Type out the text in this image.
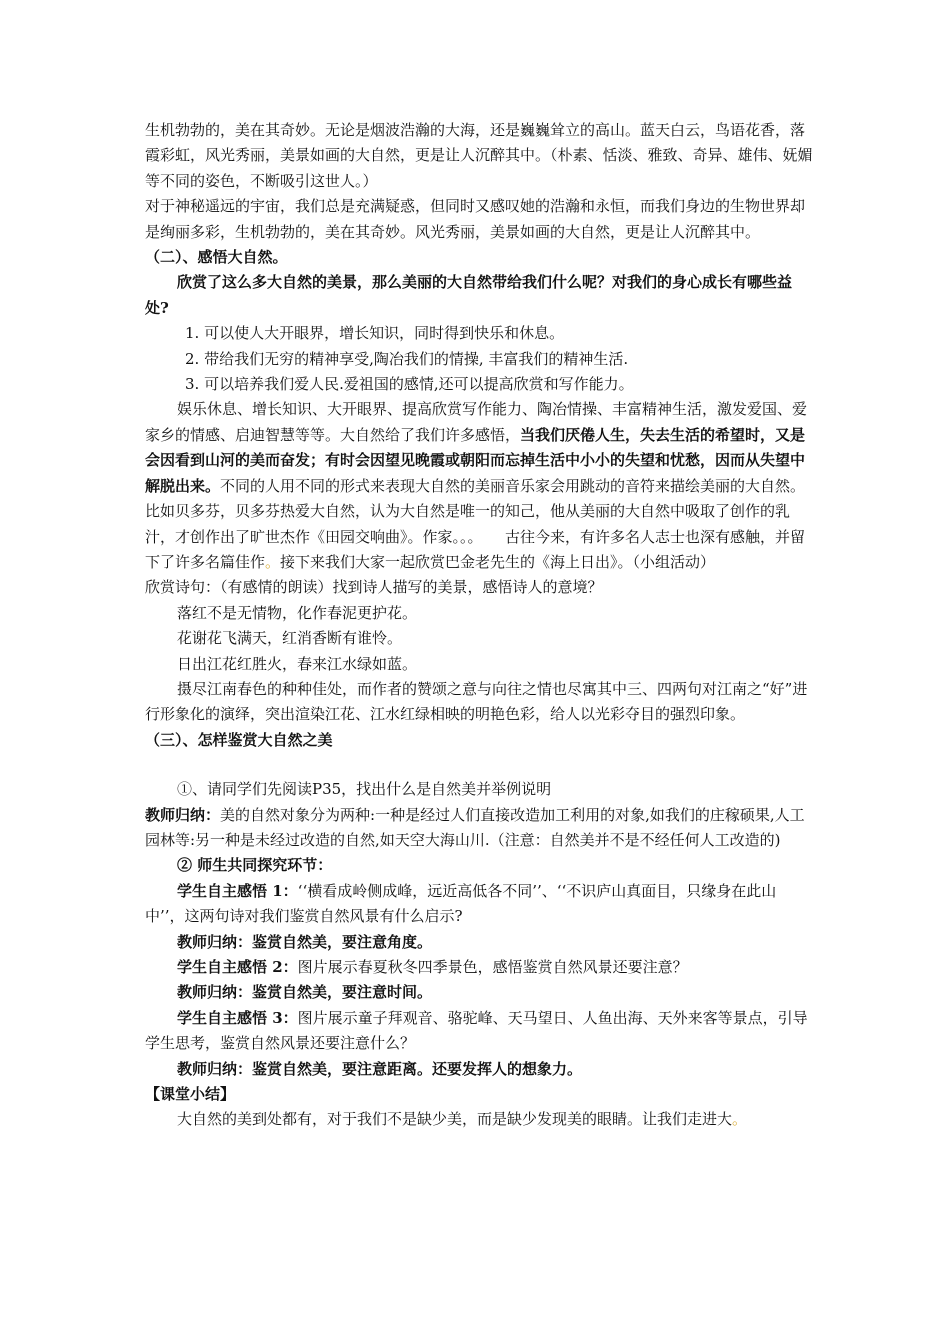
生机勃勃的，美在其奇妙。无论是烟波浩瀚的大海，还是巍巍耸立的高山。蓝天白云，鸟语花香，落霞彩虹，风光秀丽，美景如画的大自然，更是让人沉醉其中。（朴素、恬淡、雅致、奇异、雄伟、妩媚等不同的姿色，不断吸引这世人。）

对于神秘遥远的宇宙，我们总是充满疑惑，但同时又感叹她的浩瀚和永恒，而我们身边的生物世界却是绚丽多彩，生机勃勃的，美在其奇妙。风光秀丽，美景如画的大自然，更是让人沉醉其中。

（二）、感悟大自然。

欣赏了这么多大自然的美景，那么美丽的大自然带给我们什么呢？对我们的身心成长有哪些益处?

1. 可以使人大开眼界，增长知识，同时得到快乐和休息。

2. 带给我们无穷的精神享受,陶冶我们的情操, 丰富我们的精神生活.

3. 可以培养我们爱人民.爱祖国的感情,还可以提高欣赏和写作能力。

娱乐休息、增长知识、大开眼界、提高欣赏写作能力、陶冶情操、丰富精神生活，激发爱国、爱家乡的情感、启迪智慧等等。大自然给了我们许多感悟，当我们厌倦人生，失去生活的希望时，又是会因看到山河的美而奋发；有时会因望见晚霞或朝阳而忘掉生活中小小的失望和忧愁，因而从失望中解脱出来。不同的人用不同的形式来表现大自然的美丽音乐家会用跳动的音符来描绘美丽的大自然。比如贝多芬，贝多芬热爱大自然，认为大自然是唯一的知己，他从美丽的大自然中吸取了创作的乳汁，才创作出了旷世杰作《田园交响曲》。作家。。。　　古往今来，有许多名人志士也深有感触，并留下了许多名篇佳作。接下来我们大家一起欣赏巴金老先生的《海上日出》。（小组活动）

欣赏诗句：（有感情的朗读）找到诗人描写的美景，感悟诗人的意境？

落红不是无情物，化作春泥更护花。

花谢花飞满天，红消香断有谁怜。

日出江花红胜火，春来江水绿如蓝。

摄尽江南春色的种种佳处，而作者的赞颂之意与向往之情也尽寓其中三、四两句对江南之“好”进行形象化的演绎，突出渲染江花、江水红绿相映的明艳色彩，给人以光彩夺目的强烈印象。

（三）、怎样鉴赏大自然之美

①、请同学们先阅读P35，找出什么是自然美并举例说明

教师归纳：美的自然对象分为两种:一种是经过人们直接改造加工利用的对象,如我们的庄稼硕果,人工园林等:另一种是未经过改造的自然,如天空大海山川.（注意：自然美并不是不经任何人工改造的)

② 师生共同探究环节：

学生自主感悟 1：‘‘横看成岭侧成峰，远近高低各不同’’、‘‘不识庐山真面目，只缘身在此山中’’，这两句诗对我们鉴赏自然风景有什么启示?

教师归纳：鉴赏自然美，要注意角度。

学生自主感悟 2：图片展示春夏秋冬四季景色，感悟鉴赏自然风景还要注意？

教师归纳：鉴赏自然美，要注意时间。

学生自主感悟 3：图片展示童子拜观音、骆驼峰、天马望日、人鱼出海、天外来客等景点，引导学生思考，鉴赏自然风景还要注意什么？

教师归纳：鉴赏自然美，要注意距离。还要发挥人的想象力。

【课堂小结】

大自然的美到处都有，对于我们不是缺少美，而是缺少发现美的眼睛。让我们走进大。
